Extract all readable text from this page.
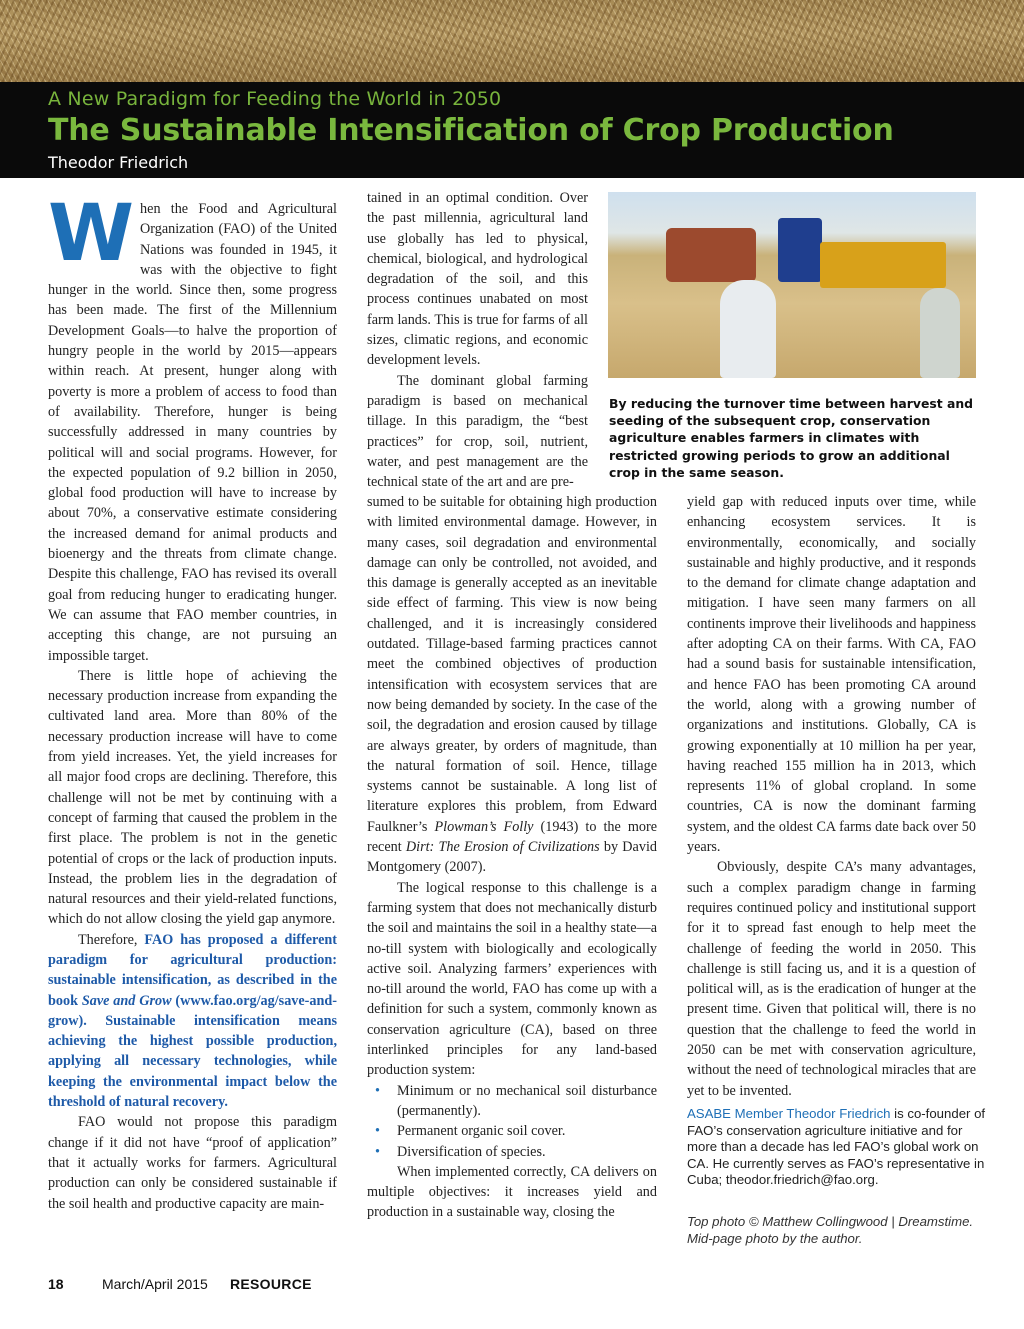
A New Paradigm for Feeding the World in 2050
The Sustainable Intensification of Crop Production
Theodor Friedrich

When the Food and Agricultural Organization (FAO) of the United Nations was founded in 1945, it was with the objective to fight hunger in the world. Since then, some progress has been made. The first of the Millennium Development Goals—to halve the proportion of hungry people in the world by 2015—appears within reach. At present, hunger along with poverty is more a problem of access to food than of availability. Therefore, hunger is being successfully addressed in many countries by political will and social programs. However, for the expected population of 9.2 billion in 2050, global food production will have to increase by about 70%, a conservative estimate considering the increased demand for animal products and bioenergy and the threats from climate change. Despite this challenge, FAO has revised its overall goal from reducing hunger to eradicating hunger. We can assume that FAO member countries, in accepting this change, are not pursuing an impossible target.

There is little hope of achieving the necessary production increase from expanding the cultivated land area. More than 80% of the necessary production increase will have to come from yield increases. Yet, the yield increases for all major food crops are declining. Therefore, this challenge will not be met by continuing with a concept of farming that caused the problem in the first place. The problem is not in the genetic potential of crops or the lack of production inputs. Instead, the problem lies in the degradation of natural resources and their yield-related functions, which do not allow closing the yield gap anymore.

Therefore, FAO has proposed a different paradigm for agricultural production: sustainable intensification, as described in the book Save and Grow (www.fao.org/ag/save-and-grow). Sustainable intensification means achieving the highest possible production, applying all necessary technologies, while keeping the environmental impact below the threshold of natural recovery.

FAO would not propose this paradigm change if it did not have “proof of application” that it actually works for farmers. Agricultural production can only be considered sustainable if the soil health and productive capacity are main-

tained in an optimal condition. Over the past millennia, agricultural land use globally has led to physical, chemical, biological, and hydrological degradation of the soil, and this process continues unabated on most farm lands. This is true for farms of all sizes, climatic regions, and economic development levels.

The dominant global farming paradigm is based on mechanical tillage. In this paradigm, the “best practices” for crop, soil, nutrient, water, and pest management are the technical state of the art and are pre-

sumed to be suitable for obtaining high production with limited environmental damage. However, in many cases, soil degradation and environmental damage can only be controlled, not avoided, and this damage is generally accepted as an inevitable side effect of farming. This view is now being challenged, and it is increasingly considered outdated. Tillage-based farming practices cannot meet the combined objectives of production intensification with ecosystem services that are now being demanded by society. In the case of the soil, the degradation and erosion caused by tillage are always greater, by orders of magnitude, than the natural formation of soil. Hence, tillage systems cannot be sustainable. A long list of literature explores this problem, from Edward Faulkner’s Plowman’s Folly (1943) to the more recent Dirt: The Erosion of Civilizations by David Montgomery (2007).

The logical response to this challenge is a farming system that does not mechanically disturb the soil and maintains the soil in a healthy state—a no-till system with biologically and ecologically active soil. Analyzing farmers’ experiences with no-till around the world, FAO has come up with a definition for such a system, commonly known as conservation agriculture (CA), based on three interlinked principles for any land-based production system:

• Minimum or no mechanical soil disturbance (permanently).
• Permanent organic soil cover.
• Diversification of species.

When implemented correctly, CA delivers on multiple objectives: it increases yield and production in a sustainable way, closing the

By reducing the turnover time between harvest and seeding of the subsequent crop, conservation agriculture enables farmers in climates with restricted growing periods to grow an additional crop in the same season.

yield gap with reduced inputs over time, while enhancing ecosystem services. It is environmentally, economically, and socially sustainable and highly productive, and it responds to the demand for climate change adaptation and mitigation. I have seen many farmers on all continents improve their livelihoods and happiness after adopting CA on their farms. With CA, FAO had a sound basis for sustainable intensification, and hence FAO has been promoting CA around the world, along with a growing number of organizations and institutions. Globally, CA is growing exponentially at 10 million ha per year, having reached 155 million ha in 2013, which represents 11% of global cropland. In some countries, CA is now the dominant farming system, and the oldest CA farms date back over 50 years.

Obviously, despite CA’s many advantages, such a complex paradigm change in farming requires continued policy and institutional support for it to spread fast enough to help meet the challenge of feeding the world in 2050. This challenge is still facing us, and it is a question of political will, as is the eradication of hunger at the present time. Given that political will, there is no question that the challenge to feed the world in 2050 can be met with conservation agriculture, without the need of technological miracles that are yet to be invented.

ASABE Member Theodor Friedrich is co-founder of FAO’s conservation agriculture initiative and for more than a decade has led FAO’s global work on CA. He currently serves as FAO’s representative in Cuba; theodor.friedrich@fao.org.
Top photo © Matthew Collingwood | Dreamstime.
Mid-page photo by the author.
18	March/April 2015 RESOURCE
